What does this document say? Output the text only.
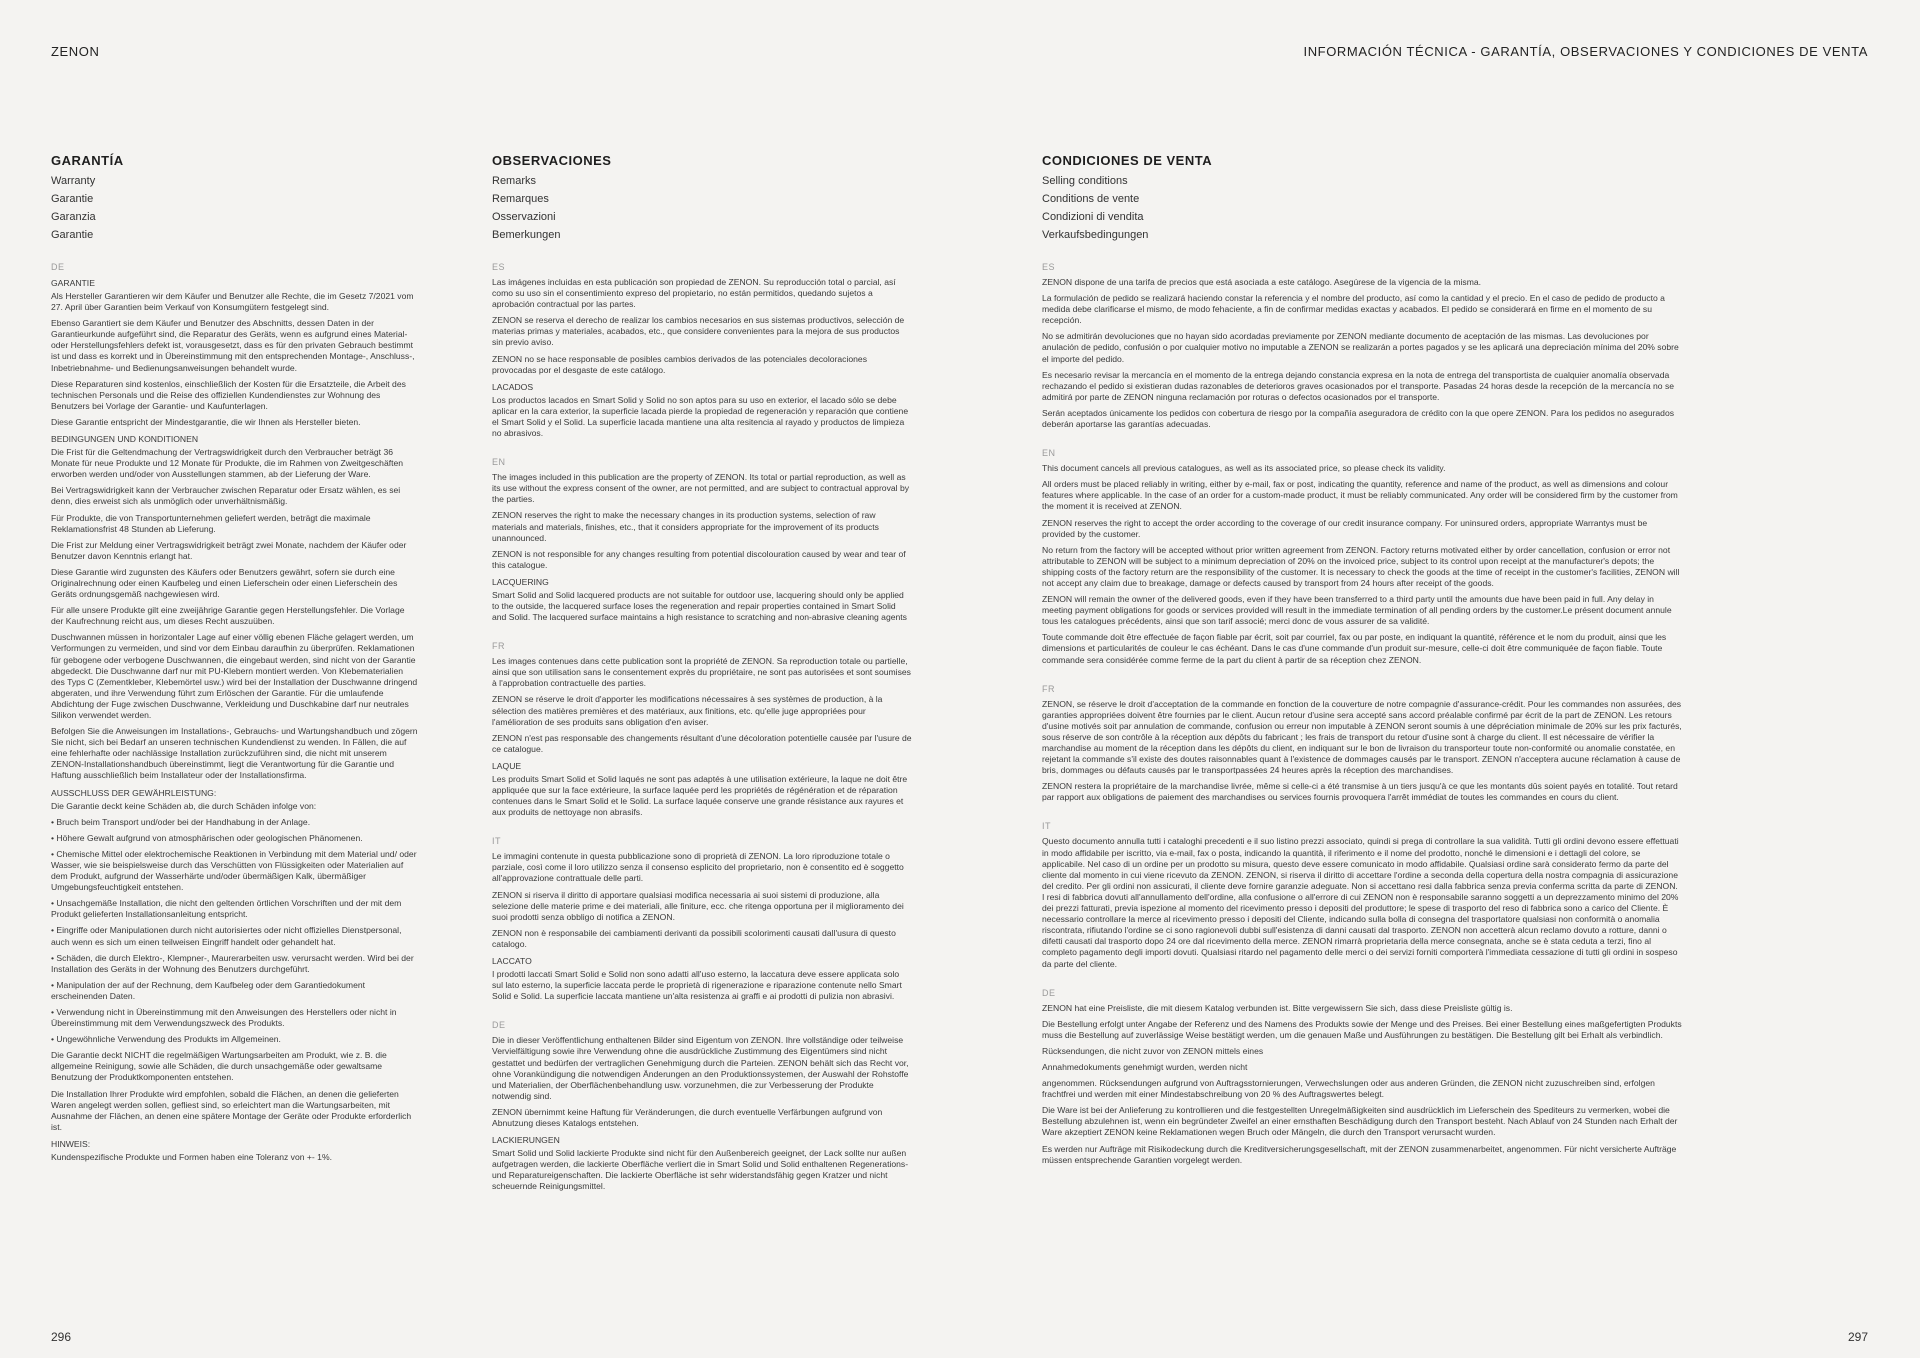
ZENON	INFORMACIÓN TÉCNICA - GARANTÍA, OBSERVACIONES Y CONDICIONES DE VENTA
GARANTÍA

Warranty

Garantie

Garanzia

Garantie

DE

GARANTIE

Als Hersteller Garantieren wir dem Käufer und Benutzer alle Rechte, die im Gesetz 7/2021 vom 27. April über Garantien beim Verkauf von Konsumgütern festgelegt sind.

Ebenso Garantiert sie dem Käufer und Benutzer des Abschnitts, dessen Daten in der Garantieurkunde aufgeführt sind, die Reparatur des Geräts, wenn es aufgrund eines Material- oder Herstellungsfehlers defekt ist, vorausgesetzt, dass es für den privaten Gebrauch bestimmt ist und dass es korrekt und in Übereinstimmung mit den entsprechenden Montage-, Anschluss-, Inbetriebnahme- und Bedienungsanweisungen behandelt wurde.

Diese Reparaturen sind kostenlos, einschließlich der Kosten für die Ersatzteile, die Arbeit des technischen Personals und die Reise des offiziellen Kundendienstes zur Wohnung des Benutzers bei Vorlage der Garantie- und Kaufunterlagen.

Diese Garantie entspricht der Mindestgarantie, die wir Ihnen als Hersteller bieten.

BEDINGUNGEN UND KONDITIONEN

Die Frist für die Geltendmachung der Vertragswidrigkeit durch den Verbraucher beträgt 36 Monate für neue Produkte und 12 Monate für Produkte, die im Rahmen von Zweitgeschäften erworben werden und/oder von Ausstellungen stammen, ab der Lieferung der Ware.

Bei Vertragswidrigkeit kann der Verbraucher zwischen Reparatur oder Ersatz wählen, es sei denn, dies erweist sich als unmöglich oder unverhältnismäßig.

Für Produkte, die von Transportunternehmen geliefert werden, beträgt die maximale Reklamationsfrist 48 Stunden ab Lieferung.

Die Frist zur Meldung einer Vertragswidrigkeit beträgt zwei Monate, nachdem der Käufer oder Benutzer davon Kenntnis erlangt hat.

Diese Garantie wird zugunsten des Käufers oder Benutzers gewährt, sofern sie durch eine Originalrechnung oder einen Kaufbeleg und einen Lieferschein oder einen Lieferschein des Geräts ordnungsgemäß nachgewiesen wird.

Für alle unsere Produkte gilt eine zweijährige Garantie gegen Herstellungsfehler. Die Vorlage der Kaufrechnung reicht aus, um dieses Recht auszuüben.

Duschwannen müssen in horizontaler Lage auf einer völlig ebenen Fläche gelagert werden, um Verformungen zu vermeiden, und sind vor dem Einbau daraufhin zu überprüfen. Reklamationen für gebogene oder verbogene Duschwannen, die eingebaut werden, sind nicht von der Garantie abgedeckt. Die Duschwanne darf nur mit PU-Klebern montiert werden. Von Klebematerialien des Typs C (Zementkleber, Klebemörtel usw.) wird bei der Installation der Duschwanne dringend abgeraten, und ihre Verwendung führt zum Erlöschen der Garantie. Für die umlaufende Abdichtung der Fuge zwischen Duschwanne, Verkleidung und Duschkabine darf nur neutrales Silikon verwendet werden.

Befolgen Sie die Anweisungen im Installations-, Gebrauchs- und Wartungshandbuch und zögern Sie nicht, sich bei Bedarf an unseren technischen Kundendienst zu wenden. In Fällen, die auf eine fehlerhafte oder nachlässige Installation zurückzuführen sind, die nicht mit unserem ZENON-Installationshandbuch übereinstimmt, liegt die Verantwortung für die Garantie und Haftung ausschließlich beim Installateur oder der Installationsfirma.

AUSSCHLUSS DER GEWÄHRLEISTUNG:

Die Garantie deckt keine Schäden ab, die durch Schäden infolge von:

• Bruch beim Transport und/oder bei der Handhabung in der Anlage.

• Höhere Gewalt aufgrund von atmosphärischen oder geologischen Phänomenen.

• Chemische Mittel oder elektrochemische Reaktionen in Verbindung mit dem Material und/ oder Wasser, wie sie beispielsweise durch das Verschütten von Flüssigkeiten oder Materialien auf dem Produkt, aufgrund der Wasserhärte und/oder übermäßigen Kalk, übermäßiger Umgebungsfeuchtigkeit entstehen.

• Unsachgemäße Installation, die nicht den geltenden örtlichen Vorschriften und der mit dem Produkt gelieferten Installationsanleitung entspricht.

• Eingriffe oder Manipulationen durch nicht autorisiertes oder nicht offizielles Dienstpersonal, auch wenn es sich um einen teilweisen Eingriff handelt oder gehandelt hat.

• Schäden, die durch Elektro-, Klempner-, Maurerarbeiten usw. verursacht werden. Wird bei der Installation des Geräts in der Wohnung des Benutzers durchgeführt.

• Manipulation der auf der Rechnung, dem Kaufbeleg oder dem Garantiedokument erscheinenden Daten.

• Verwendung nicht in Übereinstimmung mit den Anweisungen des Herstellers oder nicht in Übereinstimmung mit dem Verwendungszweck des Produkts.

• Ungewöhnliche Verwendung des Produkts im Allgemeinen.

Die Garantie deckt NICHT die regelmäßigen Wartungsarbeiten am Produkt, wie z. B. die allgemeine Reinigung, sowie alle Schäden, die durch unsachgemäße oder gewaltsame Benutzung der Produktkomponenten entstehen.

Die Installation Ihrer Produkte wird empfohlen, sobald die Flächen, an denen die gelieferten Waren angelegt werden sollen, gefliest sind, so erleichtert man die Wartungsarbeiten, mit Ausnahme der Flächen, an denen eine spätere Montage der Geräte oder Produkte erforderlich ist.

HINWEIS:

Kundenspezifische Produkte und Formen haben eine Toleranz von +- 1%.

OBSERVACIONES

Remarks

Remarques

Osservazioni

Bemerkungen

ES

Las imágenes incluidas en esta publicación son propiedad de ZENON. Su reproducción total o parcial, así como su uso sin el consentimiento expreso del propietario, no están permitidos, quedando sujetos a aprobación contractual por las partes.

ZENON se reserva el derecho de realizar los cambios necesarios en sus sistemas productivos, selección de materias primas y materiales, acabados, etc., que considere convenientes para la mejora de sus productos sin previo aviso.

ZENON no se hace responsable de posibles cambios derivados de las potenciales decoloraciones provocadas por el desgaste de este catálogo.

LACADOS

Los productos lacados en Smart Solid y Solid no son aptos para su uso en exterior, el lacado sólo se debe aplicar en la cara exterior, la superficie lacada pierde la propiedad de regeneración y reparación que contiene el Smart Solid y el Solid. La superficie lacada mantiene una alta resitencia al rayado y productos de limpieza no abrasivos.

EN

The images included in this publication are the property of ZENON. Its total or partial reproduction, as well as its use without the express consent of the owner, are not permitted, and are subject to contractual approval by the parties.

ZENON reserves the right to make the necessary changes in its production systems, selection of raw materials and materials, finishes, etc., that it considers appropriate for the improvement of its products unannounced.

ZENON is not responsible for any changes resulting from potential discolouration caused by wear and tear of this catalogue.

LACQUERING

Smart Solid and Solid lacquered products are not suitable for outdoor use, lacquering should only be applied to the outside, the lacquered surface loses the regeneration and repair properties contained in Smart Solid and Solid. The lacquered surface maintains a high resistance to scratching and non-abrasive cleaning agents

FR

Les images contenues dans cette publication sont la propriété de ZENON. Sa reproduction totale ou partielle, ainsi que son utilisation sans le consentement exprès du propriétaire, ne sont pas autorisées et sont soumises à l'approbation contractuelle des parties.

ZENON se réserve le droit d'apporter les modifications nécessaires à ses systèmes de production, à la sélection des matières premières et des matériaux, aux finitions, etc. qu'elle juge appropriées pour l'amélioration de ses produits sans obligation d'en aviser.

ZENON n'est pas responsable des changements résultant d'une décoloration potentielle causée par l'usure de ce catalogue.

LAQUE

Les produits Smart Solid et Solid laqués ne sont pas adaptés à une utilisation extérieure, la laque ne doit être appliquée que sur la face extérieure, la surface laquée perd les propriétés de régénération et de réparation contenues dans le Smart Solid et le Solid. La surface laquée conserve une grande résistance aux rayures et aux produits de nettoyage non abrasifs.

IT

Le immagini contenute in questa pubblicazione sono di proprietà di ZENON. La loro riproduzione totale o parziale, così come il loro utilizzo senza il consenso esplicito del proprietario, non è consentito ed è soggetto all'approvazione contrattuale delle parti.

ZENON si riserva il diritto di apportare qualsiasi modifica necessaria ai suoi sistemi di produzione, alla selezione delle materie prime e dei materiali, alle finiture, ecc. che ritenga opportuna per il miglioramento dei suoi prodotti senza obbligo di notifica a ZENON.

ZENON non è responsabile dei cambiamenti derivanti da possibili scolorimenti causati dall'usura di questo catalogo.

LACCATO

I prodotti laccati Smart Solid e Solid non sono adatti all'uso esterno, la laccatura deve essere applicata solo sul lato esterno, la superficie laccata perde le proprietà di rigenerazione e riparazione contenute nello Smart Solid e Solid. La superficie laccata mantiene un'alta resistenza ai graffi e ai prodotti di pulizia non abrasivi.

DE

Die in dieser Veröffentlichung enthaltenen Bilder sind Eigentum von ZENON. Ihre vollständige oder teilweise Vervielfältigung sowie ihre Verwendung ohne die ausdrückliche Zustimmung des Eigentümers sind nicht gestattet und bedürfen der vertraglichen Genehmigung durch die Parteien. ZENON behält sich das Recht vor, ohne Vorankündigung die notwendigen Änderungen an den Produktionssystemen, der Auswahl der Rohstoffe und Materialien, der Oberflächenbehandlung usw. vorzunehmen, die zur Verbesserung der Produkte notwendig sind.

ZENON übernimmt keine Haftung für Veränderungen, die durch eventuelle Verfärbungen aufgrund von Abnutzung dieses Katalogs entstehen.

LACKIERUNGEN

Smart Solid und Solid lackierte Produkte sind nicht für den Außenbereich geeignet, der Lack sollte nur außen aufgetragen werden, die lackierte Oberfläche verliert die in Smart Solid und Solid enthaltenen Regenerations- und Reparatureigenschaften. Die lackierte Oberfläche ist sehr widerstandsfähig gegen Kratzer und nicht scheuernde Reinigungsmittel.

CONDICIONES DE VENTA

Selling conditions

Conditions de vente

Condizioni di vendita

Verkaufsbedingungen

ES

ZENON dispone de una tarifa de precios que está asociada a este catálogo. Asegúrese de la vigencia de la misma.

La formulación de pedido se realizará haciendo constar la referencia y el nombre del producto, así como la cantidad y el precio. En el caso de pedido de producto a medida debe clarificarse el mismo, de modo fehaciente, a fin de confirmar medidas exactas y acabados. El pedido se considerará en firme en el momento de su recepción.

No se admitirán devoluciones que no hayan sido acordadas previamente por ZENON mediante documento de aceptación de las mismas. Las devoluciones por anulación de pedido, confusión o por cualquier motivo no imputable a ZENON se realizarán a portes pagados y se les aplicará una depreciación mínima del 20% sobre el importe del pedido.

Es necesario revisar la mercancía en el momento de la entrega dejando constancia expresa en la nota de entrega del transportista de cualquier anomalía observada rechazando el pedido si existieran dudas razonables de deterioros graves ocasionados por el transporte. Pasadas 24 horas desde la recepción de la mercancía no se admitirá por parte de ZENON ninguna reclamación por roturas o defectos ocasionados por el transporte.

Serán aceptados únicamente los pedidos con cobertura de riesgo por la compañía aseguradora de crédito con la que opere ZENON. Para los pedidos no asegurados deberán aportarse las garantías adecuadas.

EN

This document cancels all previous catalogues, as well as its associated price, so please check its validity.

All orders must be placed reliably in writing, either by e-mail, fax or post, indicating the quantity, reference and name of the product, as well as dimensions and colour features where applicable. In the case of an order for a custom-made product, it must be reliably communicated. Any order will be considered firm by the customer from the moment it is received at ZENON.

ZENON reserves the right to accept the order according to the coverage of our credit insurance company. For uninsured orders, appropriate Warrantys must be provided by the customer.

No return from the factory will be accepted without prior written agreement from ZENON. Factory returns motivated either by order cancellation, confusion or error not attributable to ZENON will be subject to a minimum depreciation of 20% on the invoiced price, subject to its control upon receipt at the manufacturer's depots; the shipping costs of the factory return are the responsibility of the customer. It is necessary to check the goods at the time of receipt in the customer's facilities, ZENON will not accept any claim due to breakage, damage or defects caused by transport from 24 hours after receipt of the goods.

ZENON will remain the owner of the delivered goods, even if they have been transferred to a third party until the amounts due have been paid in full. Any delay in meeting payment obligations for goods or services provided will result in the immediate termination of all pending orders by the customer.Le présent document annule tous les catalogues précédents, ainsi que son tarif associé; merci donc de vous assurer de sa validité.

Toute commande doit être effectuée de façon fiable par écrit, soit par courriel, fax ou par poste, en indiquant la quantité, référence et le nom du produit, ainsi que les dimensions et particularités de couleur le cas échéant. Dans le cas d'une commande d'un produit sur-mesure, celle-ci doit être communiquée de façon fiable. Toute commande sera considérée comme ferme de la part du client à partir de sa réception chez ZENON.

FR

ZENON, se réserve le droit d'acceptation de la commande en fonction de la couverture de notre compagnie d'assurance-crédit. Pour les commandes non assurées, des garanties appropriées doivent être fournies par le client. Aucun retour d'usine sera accepté sans accord préalable confirmé par écrit de la part de ZENON. Les retours d'usine motivés soit par annulation de commande, confusion ou erreur non imputable à ZENON seront soumis à une dépréciation minimale de 20% sur les prix facturés, sous réserve de son contrôle à la réception aux dépôts du fabricant ; les frais de transport du retour d'usine sont à charge du client. Il est nécessaire de vérifier la marchandise au moment de la réception dans les dépôts du client, en indiquant sur le bon de livraison du transporteur toute non-conformité ou anomalie constatée, en rejetant la commande s'il existe des doutes raisonnables quant à l'existence de dommages causés par le transport. ZENON n'acceptera aucune réclamation à cause de bris, dommages ou défauts causés par le transportpassées 24 heures après la réception des marchandises.

ZENON restera la propriétaire de la marchandise livrée, même si celle-ci a été transmise à un tiers jusqu'à ce que les montants dûs soient payés en totalité. Tout retard par rapport aux obligations de paiement des marchandises ou services fournis provoquera l'arrêt immédiat de toutes les commandes en cours du client.

IT

Questo documento annulla tutti i cataloghi precedenti e il suo listino prezzi associato, quindi si prega di controllare la sua validità. Tutti gli ordini devono essere effettuati in modo affidabile per iscritto, via e-mail, fax o posta, indicando la quantità, il riferimento e il nome del prodotto, nonché le dimensioni e i dettagli del colore, se applicabile. Nel caso di un ordine per un prodotto su misura, questo deve essere comunicato in modo affidabile. Qualsiasi ordine sarà considerato fermo da parte del cliente dal momento in cui viene ricevuto da ZENON. ZENON, si riserva il diritto di accettare l'ordine a seconda della copertura della nostra compagnia di assicurazione del credito. Per gli ordini non assicurati, il cliente deve fornire garanzie adeguate. Non si accettano resi dalla fabbrica senza previa conferma scritta da parte di ZENON. I resi di fabbrica dovuti all'annullamento dell'ordine, alla confusione o all'errore di cui ZENON non è responsabile saranno soggetti a un deprezzamento minimo del 20% dei prezzi fatturati, previa ispezione al momento del ricevimento presso i depositi del produttore; le spese di trasporto del reso di fabbrica sono a carico del Cliente. È necessario controllare la merce al ricevimento presso i depositi del Cliente, indicando sulla bolla di consegna del trasportatore qualsiasi non conformità o anomalia riscontrata, rifiutando l'ordine se ci sono ragionevoli dubbi sull'esistenza di danni causati dal trasporto. ZENON non accetterà alcun reclamo dovuto a rotture, danni o difetti causati dal trasporto dopo 24 ore dal ricevimento della merce. ZENON rimarrà proprietaria della merce consegnata, anche se è stata ceduta a terzi, fino al completo pagamento degli importi dovuti. Qualsiasi ritardo nel pagamento delle merci o dei servizi forniti comporterà l'immediata cessazione di tutti gli ordini in sospeso da parte del cliente.

DE

ZENON hat eine Preisliste, die mit diesem Katalog verbunden ist. Bitte vergewissern Sie sich, dass diese Preisliste gültig is.

Die Bestellung erfolgt unter Angabe der Referenz und des Namens des Produkts sowie der Menge und des Preises. Bei einer Bestellung eines maßgefertigten Produkts muss die Bestellung auf zuverlässige Weise bestätigt werden, um die genauen Maße und Ausführungen zu bestätigen. Die Bestellung gilt bei Erhalt als verbindlich.

Rücksendungen, die nicht zuvor von ZENON mittels eines

Annahmedokuments genehmigt wurden, werden nicht

angenommen. Rücksendungen aufgrund von Auftragsstornierungen, Verwechslungen oder aus anderen Gründen, die ZENON nicht zuzuschreiben sind, erfolgen frachtfrei und werden mit einer Mindestabschreibung von 20 % des Auftragswertes belegt.

Die Ware ist bei der Anlieferung zu kontrollieren und die festgestellten Unregelmäßigkeiten sind ausdrücklich im Lieferschein des Spediteurs zu vermerken, wobei die Bestellung abzulehnen ist, wenn ein begründeter Zweifel an einer ernsthaften Beschädigung durch den Transport besteht. Nach Ablauf von 24 Stunden nach Erhalt der Ware akzeptiert ZENON keine Reklamationen wegen Bruch oder Mängeln, die durch den Transport verursacht wurden.

Es werden nur Aufträge mit Risikodeckung durch die Kreditversicherungsgesellschaft, mit der ZENON zusammenarbeitet, angenommen. Für nicht versicherte Aufträge müssen entsprechende Garantien vorgelegt werden.

296	297
